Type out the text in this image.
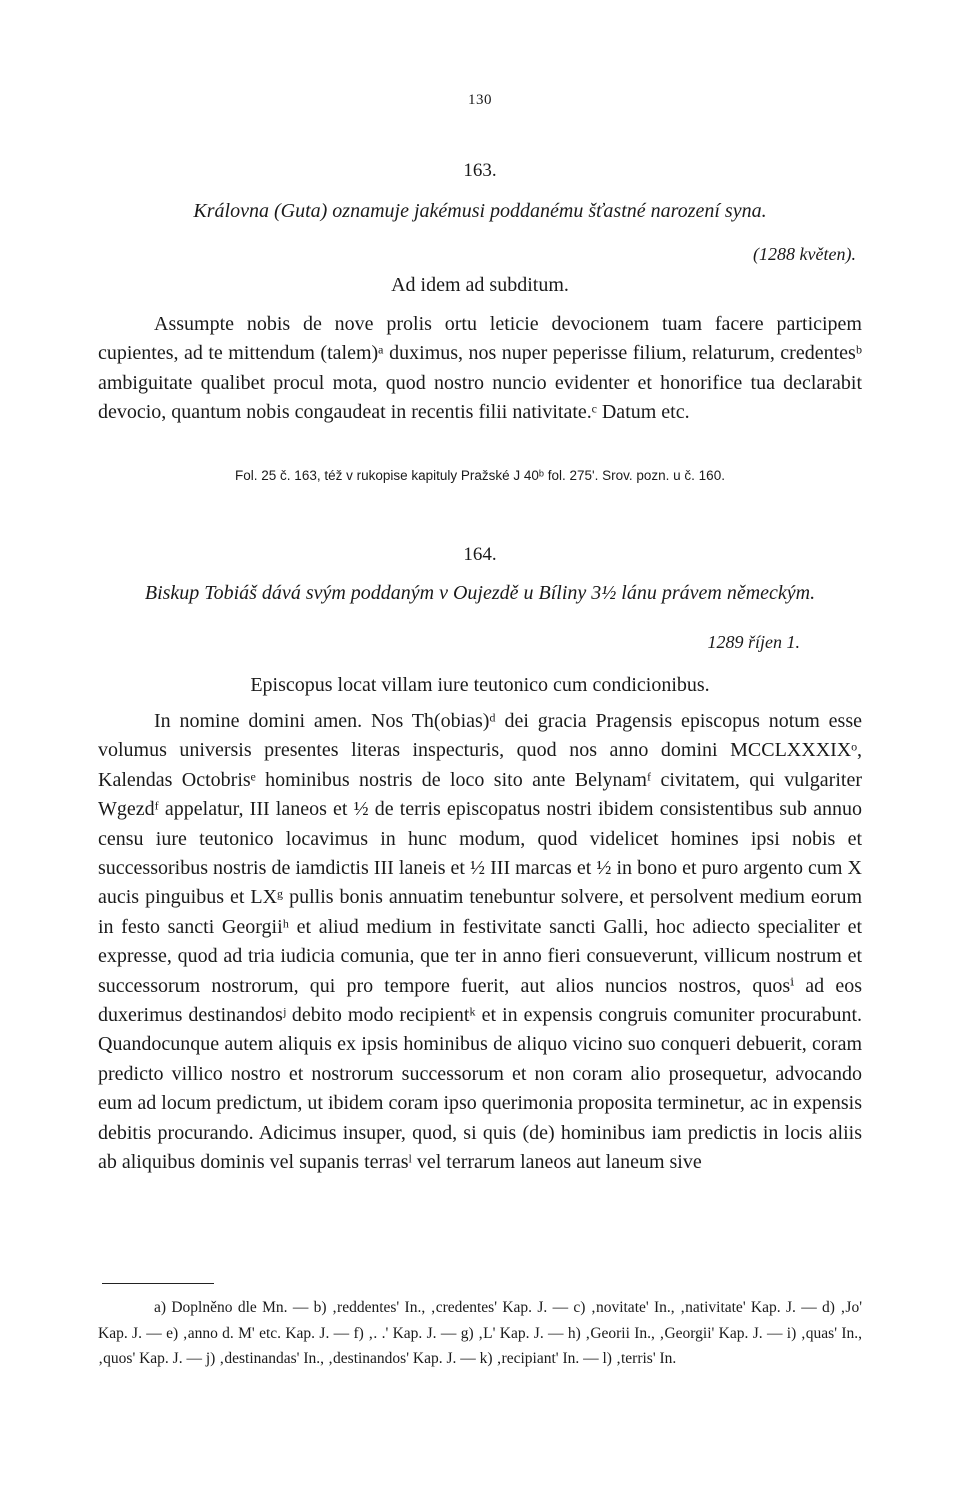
130
163.
Královna (Guta) oznamuje jakémusi poddanému šťastné narození syna.
(1288 květen).
Ad idem ad subditum.

Assumpte nobis de nove prolis ortu leticie devocionem tuam facere participem cupientes, ad te mittendum (talem)ᵃ duximus, nos nuper peperisse filium, relaturum, credentesᵇ ambiguitate qualibet procul mota, quod nostro nuncio evidenter et honorifice tua declarabit devocio, quantum nobis congaudeat in recentis filii nativitate.ᶜ Datum etc.

Fol. 25 č. 163, též v rukopise kapituly Pražské J 40ᵇ fol. 275'. Srov. pozn. u č. 160.
164.
Biskup Tobiáš dává svým poddaným v Oujezdě u Bíliny 3½ lánu právem německým.
1289 říjen 1.
Episcopus locat villam iure teutonico cum condicionibus.

In nomine domini amen. Nos Th(obias)ᵈ dei gracia Pragensis episcopus notum esse volumus universis presentes literas inspecturis, quod nos anno domini MCCLXXXIXᵒ, Kalendas Octobrisᵉ hominibus nostris de loco sito ante Belynamᶠ civitatem, qui vulgariter Wgezdᶠ appelatur, III laneos et ½ de terris episcopatus nostri ibidem consistentibus sub annuo censu iure teutonico locavimus in hunc modum, quod videlicet homines ipsi nobis et successoribus nostris de iamdictis III laneis et ½ III marcas et ½ in bono et puro argento cum X aucis pinguibus et LXᵍ pullis bonis annuatim tenebuntur solvere, et persolvent medium eorum in festo sancti Georgiiʰ et aliud medium in festivitate sancti Galli, hoc adiecto specialiter et expresse, quod ad tria iudicia comunia, que ter in anno fieri consueverunt, villicum nostrum et successorum nostrorum, qui pro tempore fuerit, aut alios nuncios nostros, quosⁱ ad eos duxerimus destinandosʲ debito modo recipientᵏ et in expensis congruis comuniter procurabunt. Quandocunque autem aliquis ex ipsis hominibus de aliquo vicino suo conqueri debuerit, coram predicto villico nostro et nostrorum successorum et non coram alio prosequetur, advocando eum ad locum predictum, ut ibidem coram ipso querimonia proposita terminetur, ac in expensis debitis procurando. Adicimus insuper, quod, si quis (de) hominibus iam predictis in locis aliis ab aliquibus dominis vel supanis terrasˡ vel terrarum laneos aut laneum sive

a) Doplněno dle Mn. — b) ‚reddentes' In., ‚credentes' Kap. J. — c) ‚novitate' In., ‚nativitate' Kap. J. — d) ‚Jo' Kap. J. — e) ‚anno d. M' etc. Kap. J. — f) ‚. .' Kap. J. — g) ‚L' Kap. J. — h) ‚Georii In., ‚Georgii' Kap. J. — i) ‚quas' In., ‚quos' Kap. J. — j) ‚destinandas' In., ‚destinandos' Kap. J. — k) ‚recipiant' In. — l) ‚terris' In.
